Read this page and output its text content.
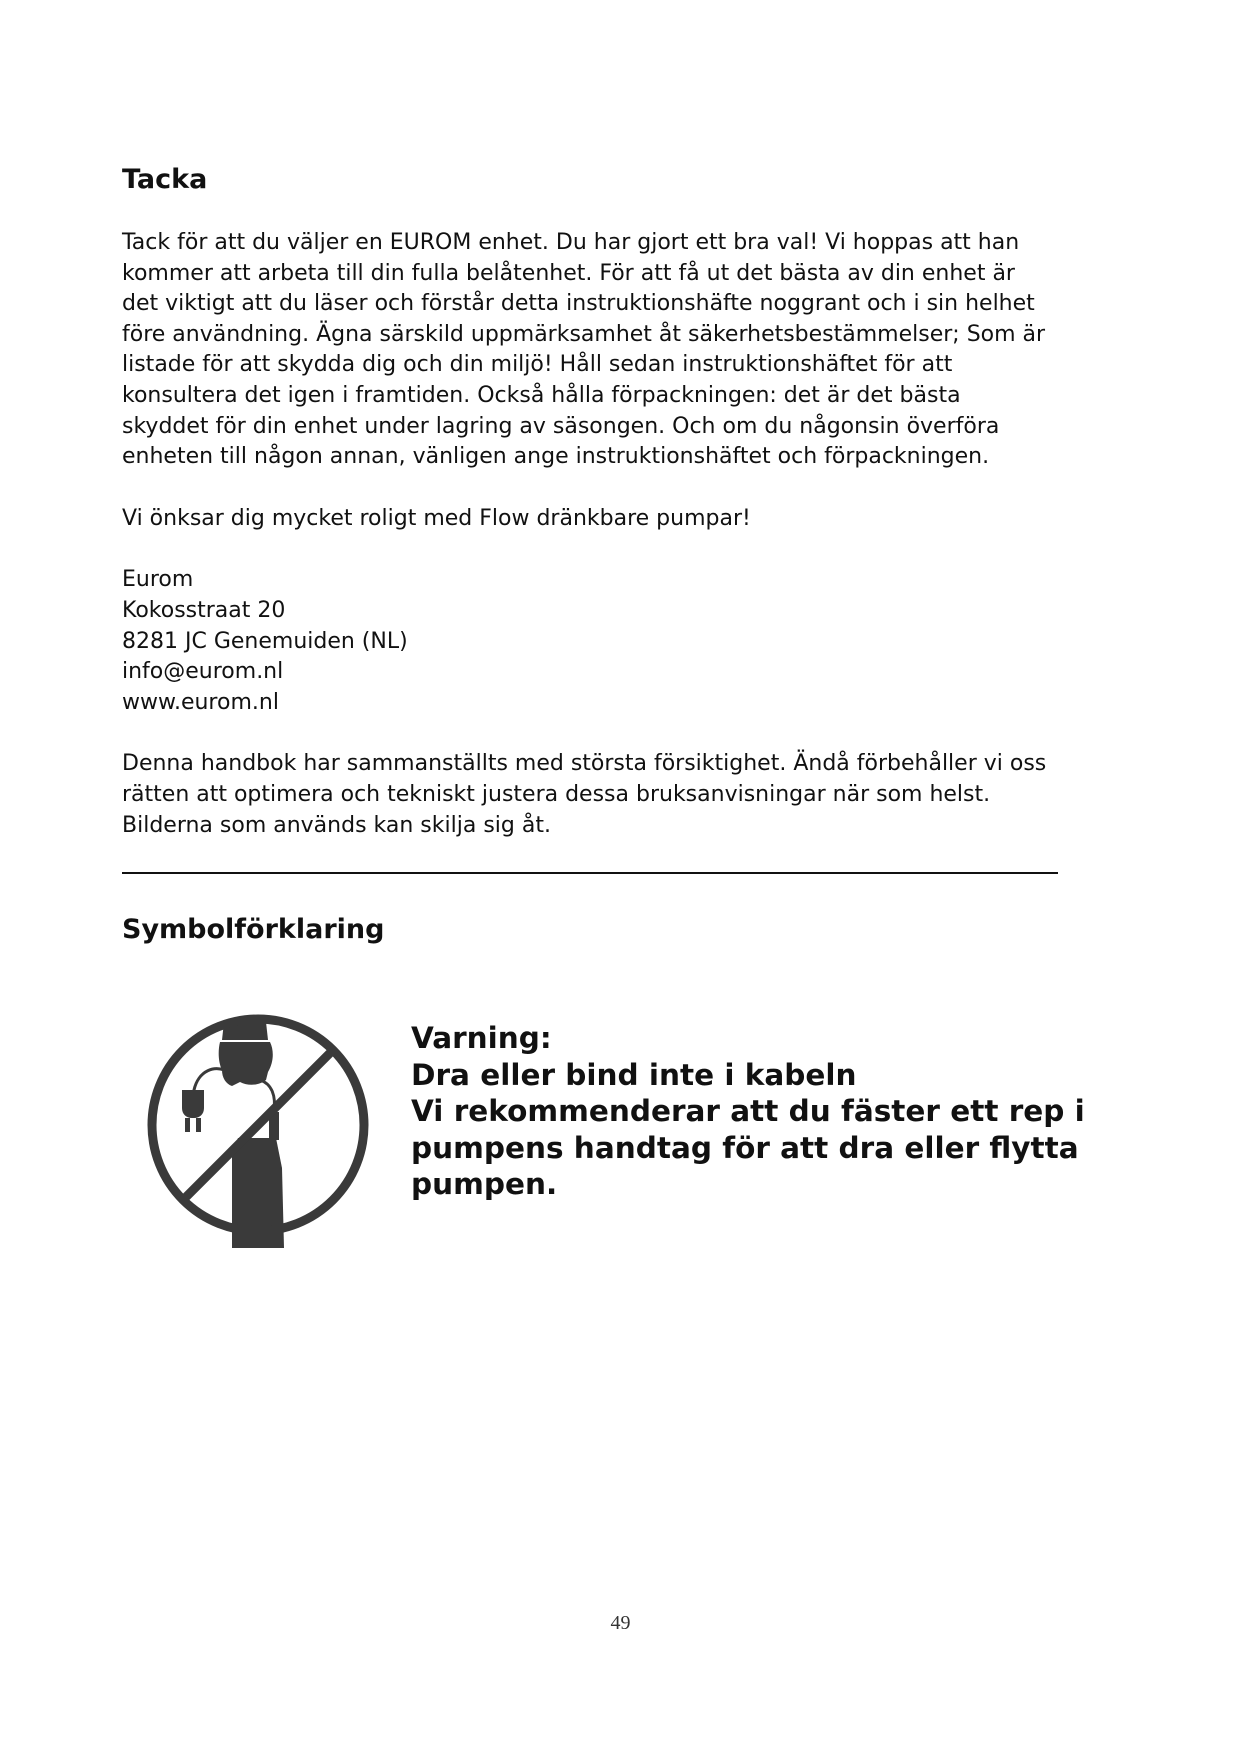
Tacka

Tack för att du väljer en EUROM enhet. Du har gjort ett bra val! Vi hoppas att han

kommer att arbeta till din fulla belåtenhet. För att få ut det bästa av din enhet är

det viktigt att du läser och förstår detta instruktionshäfte noggrant och i sin helhet

före användning. Ägna särskild uppmärksamhet åt säkerhetsbestämmelser; Som är

listade för att skydda dig och din miljö! Håll sedan instruktionshäftet för att

konsultera det igen i framtiden. Också hålla förpackningen: det är det bästa

skyddet för din enhet under lagring av säsongen. Och om du någonsin överföra

enheten till någon annan, vänligen ange instruktionshäftet och förpackningen.

Vi önksar dig mycket roligt med Flow dränkbare pumpar!

Eurom

Kokosstraat 20

8281 JC Genemuiden (NL)

info@eurom.nl

www.eurom.nl

Denna handbok har sammanställts med största försiktighet. Ändå förbehåller vi oss

rätten att optimera och tekniskt justera dessa bruksanvisningar när som helst.

Bilderna som används kan skilja sig åt.

Symbolförklaring

Varning:

Dra eller bind inte i kabeln

Vi rekommenderar att du fäster ett rep i

pumpens handtag för att dra eller flytta

pumpen.

49
